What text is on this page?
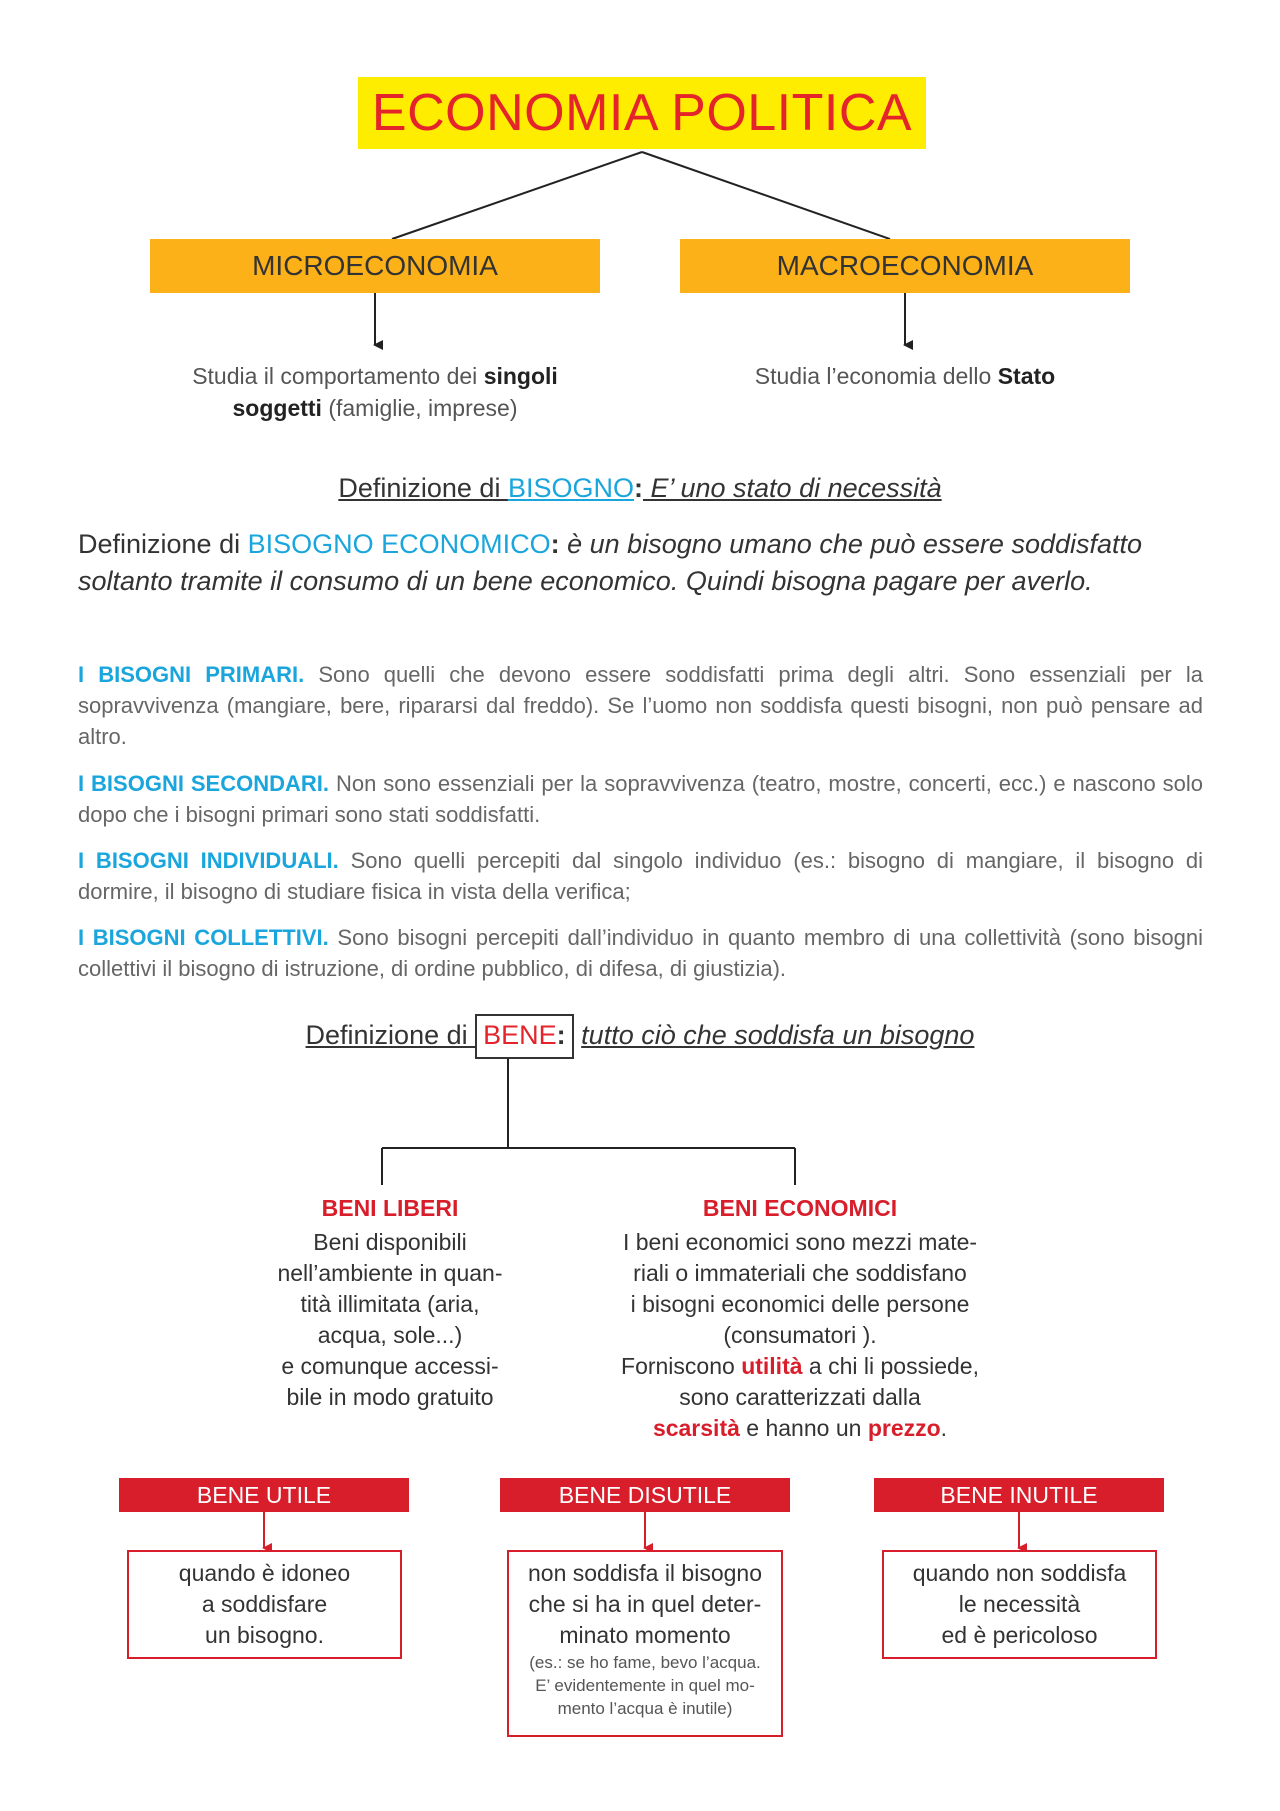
ECONOMIA POLITICA
MICROECONOMIA	MACROECONOMIA
Studia il comportamento dei singoli soggetti (famiglie, imprese)
Studia l’economia dello Stato
Definizione di BISOGNO: E’ uno stato di necessità
Definizione di BISOGNO ECONOMICO: è un bisogno umano che può essere soddisfatto soltanto tramite il consumo di un bene economico. Quindi bisogna pagare per averlo.
I BISOGNI PRIMARI. Sono quelli che devono essere soddisfatti prima degli altri. Sono essenziali per la sopravvivenza (mangiare, bere, ripararsi dal freddo). Se l’uomo non soddisfa questi bisogni, non può pensare ad altro.
I BISOGNI SECONDARI. Non sono essenziali per la sopravvivenza (teatro, mostre, concerti, ecc.) e nascono solo dopo che i bisogni primari sono stati soddisfatti.
I BISOGNI INDIVIDUALI. Sono quelli percepiti dal singolo individuo (es.: bisogno di mangiare, il bisogno di dormire, il bisogno di studiare fisica in vista della verifica;
I BISOGNI COLLETTIVI. Sono bisogni percepiti dall’individuo in quanto membro di una collettività (sono bisogni collettivi il bisogno di istruzione, di ordine pubblico, di difesa, di giustizia).
Definizione di BENE: tutto ciò che soddisfa un bisogno
BENI LIBERI
Beni disponibili
nell’ambiente in quan-
tità illimitata (aria,
acqua, sole...)
e comunque accessi-
bile in modo gratuito
BENI ECONOMICI
I beni economici sono mezzi mate-
riali o immateriali che soddisfano
i bisogni economici delle persone
(consumatori ).
Forniscono utilità a chi li possiede,
sono caratterizzati dalla
scarsità e hanno un prezzo.
BENE UTILE	BENE DISUTILE	BENE INUTILE
quando è idoneo
a soddisfare
un bisogno.
non soddisfa il bisogno
che si ha in quel deter-
minato momento
(es.: se ho fame, bevo l’acqua.
E’ evidentemente in quel mo-
mento l’acqua è inutile)
quando non soddisfa
le necessità
ed è pericoloso
